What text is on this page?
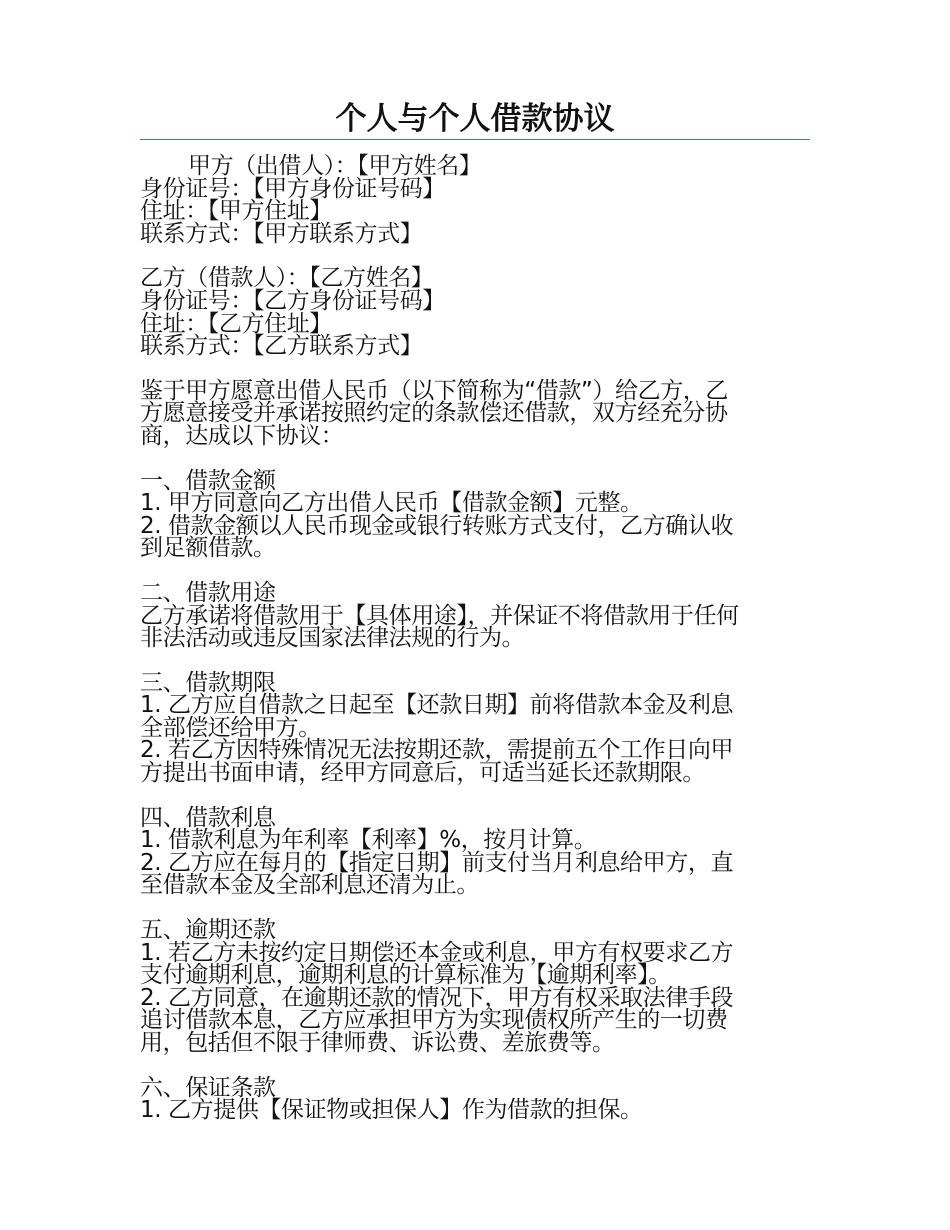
个人与个人借款协议

甲方（出借人）：【甲方姓名】

身份证号：【甲方身份证号码】

住址：【甲方住址】

联系方式：【甲方联系方式】

乙方（借款人）：【乙方姓名】

身份证号：【乙方身份证号码】

住址：【乙方住址】

联系方式：【乙方联系方式】

鉴于甲方愿意出借人民币（以下简称为“借款”）给乙方，乙

方愿意接受并承诺按照约定的条款偿还借款，双方经充分协

商，达成以下协议：

一、借款金额

1. 甲方同意向乙方出借人民币【借款金额】元整。

2. 借款金额以人民币现金或银行转账方式支付，乙方确认收

到足额借款。

二、借款用途

乙方承诺将借款用于【具体用途】，并保证不将借款用于任何

非法活动或违反国家法律法规的行为。

三、借款期限

1. 乙方应自借款之日起至【还款日期】前将借款本金及利息

全部偿还给甲方。

2. 若乙方因特殊情况无法按期还款，需提前五个工作日向甲

方提出书面申请，经甲方同意后，可适当延长还款期限。

四、借款利息

1. 借款利息为年利率【利率】%，按月计算。

2. 乙方应在每月的【指定日期】前支付当月利息给甲方，直

至借款本金及全部利息还清为止。

五、逾期还款

1. 若乙方未按约定日期偿还本金或利息，甲方有权要求乙方

支付逾期利息，逾期利息的计算标准为【逾期利率】。

2. 乙方同意，在逾期还款的情况下，甲方有权采取法律手段

追讨借款本息，乙方应承担甲方为实现债权所产生的一切费

用，包括但不限于律师费、诉讼费、差旅费等。

六、保证条款

1. 乙方提供【保证物或担保人】作为借款的担保。
